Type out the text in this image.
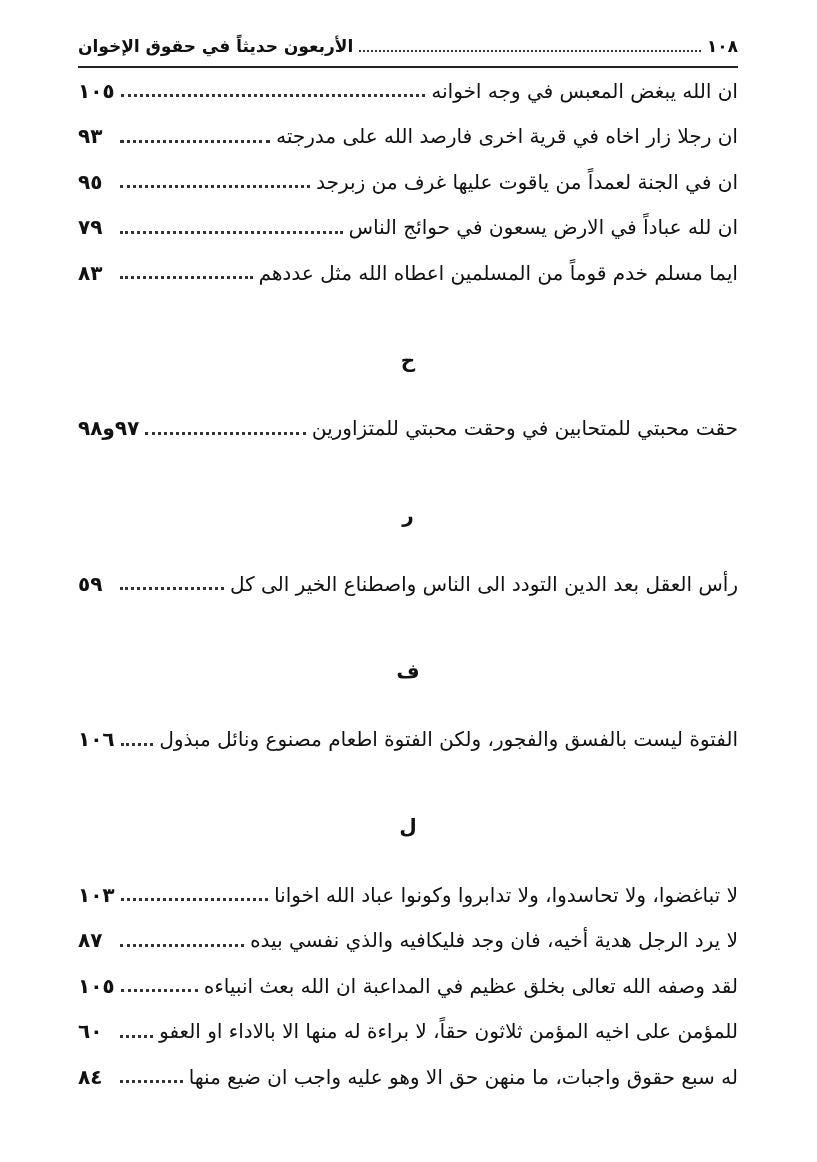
١٠٨
الأربعون حديثاً في حقوق الإخوان
ان الله يبغض المعبس في وجه اخوانه
١٠٥
ان رجلا زار اخاه في قرية اخرى فارصد الله على مدرجته
٩٣
ان في الجنة لعمداً من ياقوت عليها غرف من زبرجد
٩٥
ان لله عباداً في الارض يسعون في حوائج الناس
٧٩
ايما مسلم خدم قوماً من المسلمين اعطاه الله مثل عددهم
٨٣
ح
حقت محبتي للمتحابين في وحقت محبتي للمتزاورين
٩٧و٩٨
ر
رأس العقل بعد الدين التودد الى الناس واصطناع الخير الى كل
٥٩
ف
الفتوة ليست بالفسق والفجور، ولكن الفتوة اطعام مصنوع ونائل مبذول
١٠٦
ل
لا تباغضوا، ولا تحاسدوا، ولا تدابروا وكونوا عباد الله اخوانا
١٠٣
لا يرد الرجل هدية أخيه، فان وجد فليكافيه والذي نفسي بيده
٨٧
لقد وصفه الله تعالى بخلق عظيم في المداعبة ان الله بعث انبياءه
١٠٥
للمؤمن على اخيه المؤمن ثلاثون حقاً، لا براءة له منها الا بالاداء او العفو
٦٠
له سبع حقوق واجبات، ما منهن حق الا وهو عليه واجب ان ضيع منها
٨٤
